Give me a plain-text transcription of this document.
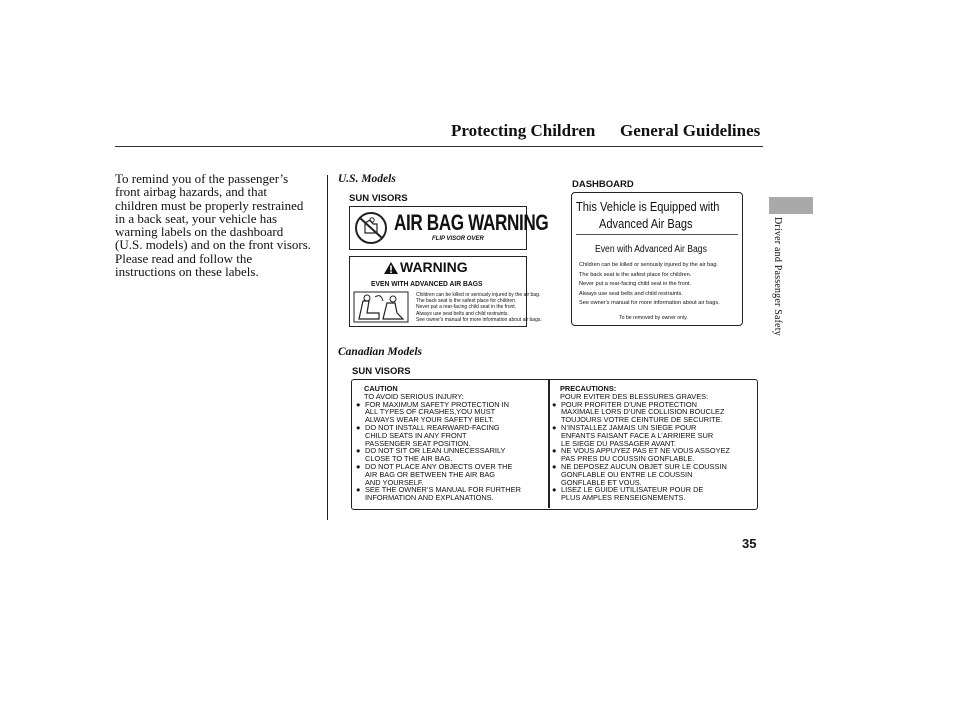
Protecting Children General Guidelines
To remind you of the passenger’s
front airbag hazards, and that
children must be properly restrained
in a back seat, your vehicle has
warning labels on the dashboard
(U.S. models) and on the front visors.
Please read and follow the
instructions on these labels.
U.S. Models
SUN VISORS
DASHBOARD
AIR BAG WARNING
FLIP VISOR OVER
WARNING
EVEN WITH ADVANCED AIR BAGS
Children can be killed or seriously injured by the air bag.
The back seat is the safest place for children.
Never put a rear-facing child seat in the front.
Always use seat belts and child restraints.
See owner's manual for more information about air bags.
This Vehicle is Equipped with
Advanced Air Bags
Even with Advanced Air Bags
Children can be killed or seriously injured by the air bag.
The back seat is the safest place for children.
Never put a rear-facing child seat in the front.
Always use seat belts and child restraints.
See owner's manual for more information about air bags.
To be removed by owner only.
Canadian Models
SUN VISORS
CAUTION
TO AVOID SERIOUS INJURY:
● FOR MAXIMUM SAFETY PROTECTION IN
ALL TYPES OF CRASHES,YOU MUST
ALWAYS WEAR YOUR SAFETY BELT.
● DO NOT INSTALL REARWARD-FACING
CHILD SEATS IN ANY FRONT
PASSENGER SEAT POSITION.
● DO NOT SIT OR LEAN UNNECESSARILY
CLOSE TO THE AIR BAG.
● DO NOT PLACE ANY OBJECTS OVER THE
AIR BAG OR BETWEEN THE AIR BAG
AND YOURSELF.
● SEE THE OWNER’S MANUAL FOR FURTHER
INFORMATION AND EXPLANATIONS.
PRECAUTIONS:
POUR EVITER DES BLESSURES GRAVES:
● POUR PROFITER D’UNE PROTECTION
MAXIMALE LORS D’UNE COLLISION BOUCLEZ
TOUJOURS VOTRE CEINTURE DE SECURITE.
● N’INSTALLEZ JAMAIS UN SIEGE POUR
ENFANTS FAISANT FACE A L’ARRIERE SUR
LE SIEGE DU PASSAGER AVANT.
● NE VOUS APPUYEZ PAS ET NE VOUS ASSOYEZ
PAS PRES DU COUSSIN GONFLABLE.
● NE DEPOSEZ AUCUN OBJET SUR LE COUSSIN
GONFLABLE OU ENTRE LE COUSSIN
GONFLABLE ET VOUS.
● LISEZ LE GUIDE UTILISATEUR POUR DE
PLUS AMPLES RENSEIGNEMENTS.
Driver and Passenger Safety
35
